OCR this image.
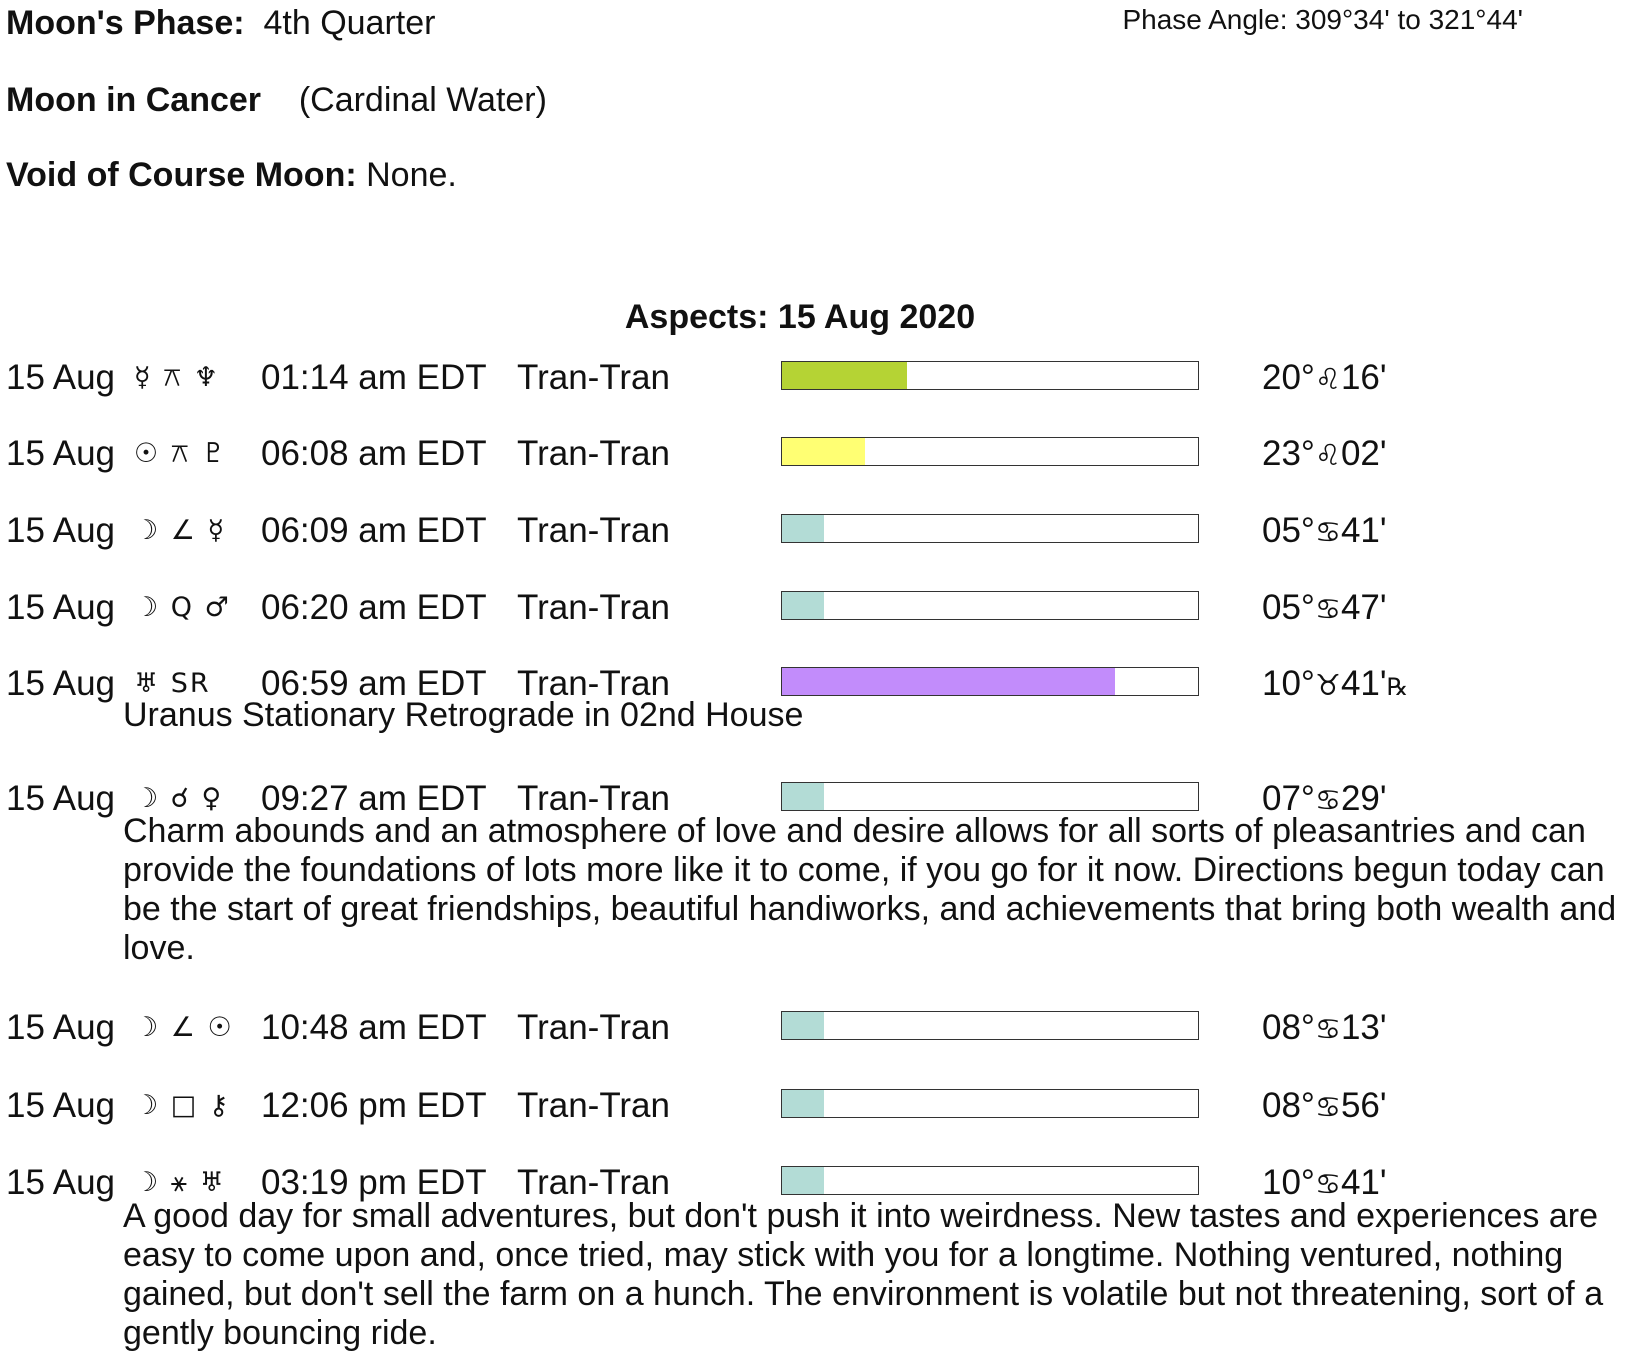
Moon's Phase: 4th Quarter	Phase Angle: 309°34' to 321°44'
Moon in Cancer (Cardinal Water)
Void of Course Moon: None.
Aspects: 15 Aug 2020
15 Aug ☿ ⚻ ♆ 01:14 am EDT Tran-Tran	20°♌16'
15 Aug ☉ ⚻ ♇ 06:08 am EDT Tran-Tran	23°♌02'
15 Aug ☽ ∠ ☿ 06:09 am EDT Tran-Tran	05°♋41'
15 Aug ☽ Q ♂ 06:20 am EDT Tran-Tran	05°♋47'
15 Aug ♅ SR 06:59 am EDT Tran-Tran	10°♉41'℞
Uranus Stationary Retrograde in 02nd House
15 Aug ☽ ☌ ♀ 09:27 am EDT Tran-Tran	07°♋29'
Charm abounds and an atmosphere of love and desire allows for all sorts of pleasantries and can provide the foundations of lots more like it to come, if you go for it now. Directions begun today can be the start of great friendships, beautiful handiworks, and achievements that bring both wealth and love.
15 Aug ☽ ∠ ☉ 10:48 am EDT Tran-Tran	08°♋13'
15 Aug ☽ □ ⚷ 12:06 pm EDT Tran-Tran	08°♋56'
15 Aug ☽ ⚹ ♅ 03:19 pm EDT Tran-Tran	10°♋41'
A good day for small adventures, but don't push it into weirdness. New tastes and experiences are easy to come upon and, once tried, may stick with you for a longtime. Nothing ventured, nothing gained, but don't sell the farm on a hunch. The environment is volatile but not threatening, sort of a gently bouncing ride.
